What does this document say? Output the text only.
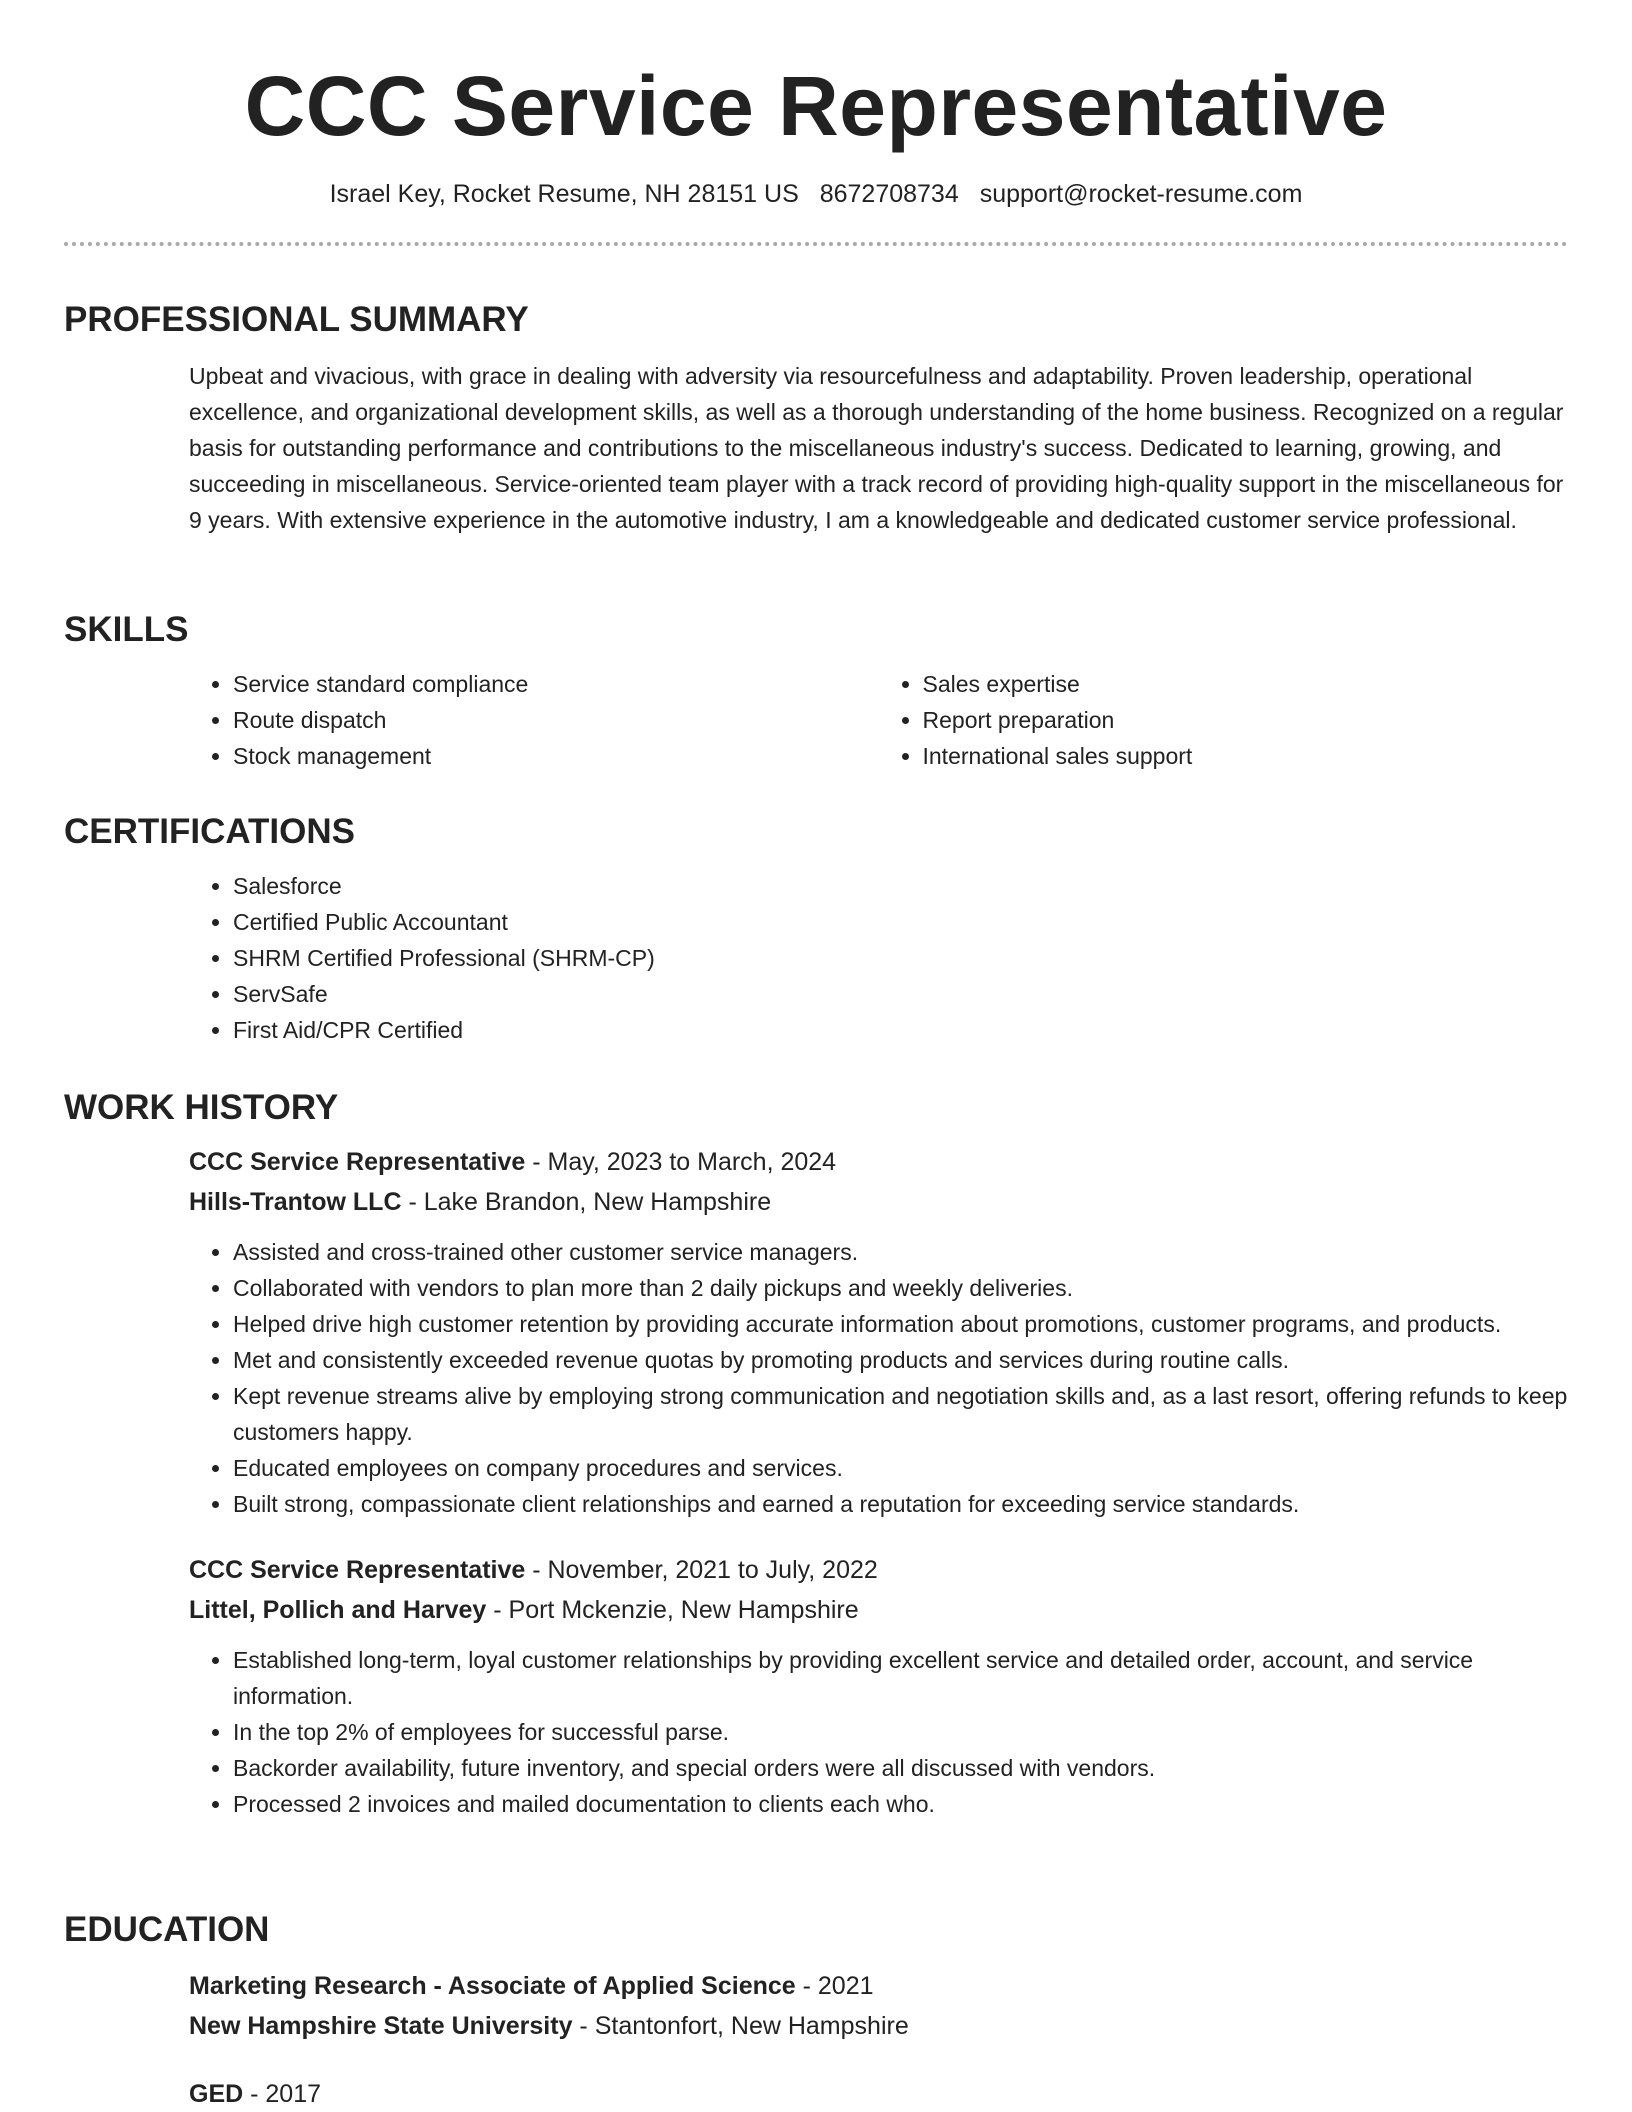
CCC Service Representative
Israel Key, Rocket Resume, NH 28151 US 8672708734 support@rocket-resume.com
PROFESSIONAL SUMMARY
Upbeat and vivacious, with grace in dealing with adversity via resourcefulness and adaptability. Proven leadership, operational excellence, and organizational development skills, as well as a thorough understanding of the home business. Recognized on a regular basis for outstanding performance and contributions to the miscellaneous industry's success. Dedicated to learning, growing, and succeeding in miscellaneous. Service-oriented team player with a track record of providing high-quality support in the miscellaneous for 9 years. With extensive experience in the automotive industry, I am a knowledgeable and dedicated customer service professional.
SKILLS
• Service standard compliance
• Route dispatch
• Stock management
• Sales expertise
• Report preparation
• International sales support
CERTIFICATIONS
• Salesforce
• Certified Public Accountant
• SHRM Certified Professional (SHRM-CP)
• ServSafe
• First Aid/CPR Certified
WORK HISTORY
CCC Service Representative - May, 2023 to March, 2024
Hills-Trantow LLC - Lake Brandon, New Hampshire
• Assisted and cross-trained other customer service managers.
• Collaborated with vendors to plan more than 2 daily pickups and weekly deliveries.
• Helped drive high customer retention by providing accurate information about promotions, customer programs, and products.
• Met and consistently exceeded revenue quotas by promoting products and services during routine calls.
• Kept revenue streams alive by employing strong communication and negotiation skills and, as a last resort, offering refunds to keep customers happy.
• Educated employees on company procedures and services.
• Built strong, compassionate client relationships and earned a reputation for exceeding service standards.
CCC Service Representative - November, 2021 to July, 2022
Littel, Pollich and Harvey - Port Mckenzie, New Hampshire
• Established long-term, loyal customer relationships by providing excellent service and detailed order, account, and service information.
• In the top 2% of employees for successful parse.
• Backorder availability, future inventory, and special orders were all discussed with vendors.
• Processed 2 invoices and mailed documentation to clients each who.
EDUCATION
Marketing Research - Associate of Applied Science - 2021
New Hampshire State University - Stantonfort, New Hampshire
GED - 2017
